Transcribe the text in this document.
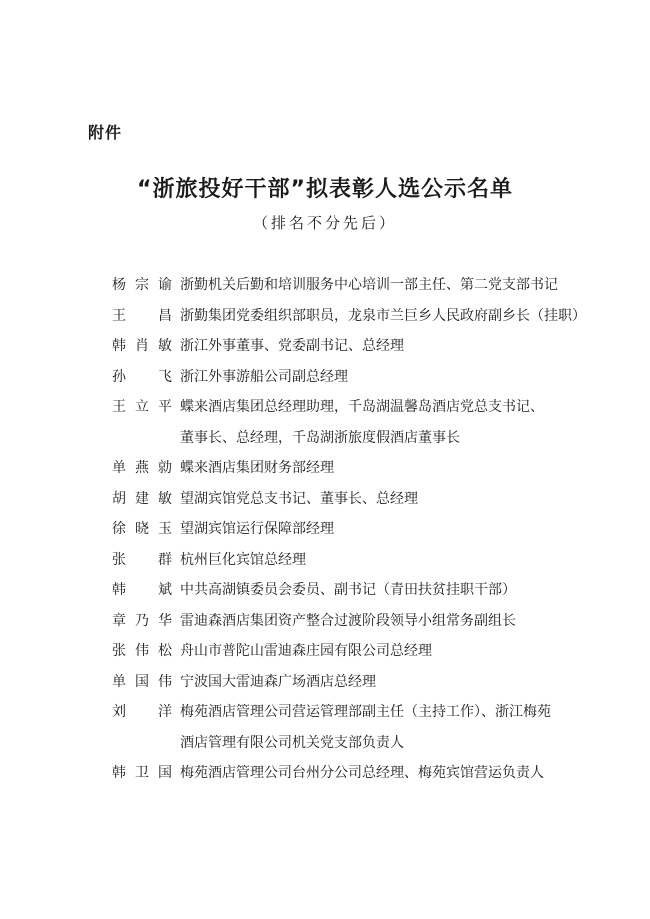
附件
“浙旅投好干部”拟表彰人选公示名单
（排名不分先后）
杨宗谕 浙勤机关后勤和培训服务中心培训一部主任、第二党支部书记
王　昌 浙勤集团党委组织部职员，龙泉市兰巨乡人民政府副乡长（挂职）
韩肖敏 浙江外事董事、党委副书记、总经理
孙　飞 浙江外事游船公司副总经理
王立平 蝶来酒店集团总经理助理，千岛湖温馨岛酒店党总支书记、
董事长、总经理，千岛湖浙旅度假酒店董事长
单燕勍 蝶来酒店集团财务部经理
胡建敏 望湖宾馆党总支书记、董事长、总经理
徐晓玉 望湖宾馆运行保障部经理
张　群 杭州巨化宾馆总经理
韩　斌 中共高湖镇委员会委员、副书记（青田扶贫挂职干部）
章乃华 雷迪森酒店集团资产整合过渡阶段领导小组常务副组长
张伟松 舟山市普陀山雷迪森庄园有限公司总经理
单国伟 宁波国大雷迪森广场酒店总经理
刘　洋 梅苑酒店管理公司营运管理部副主任（主持工作）、浙江梅苑
酒店管理有限公司机关党支部负责人
韩卫国 梅苑酒店管理公司台州分公司总经理、梅苑宾馆营运负责人
